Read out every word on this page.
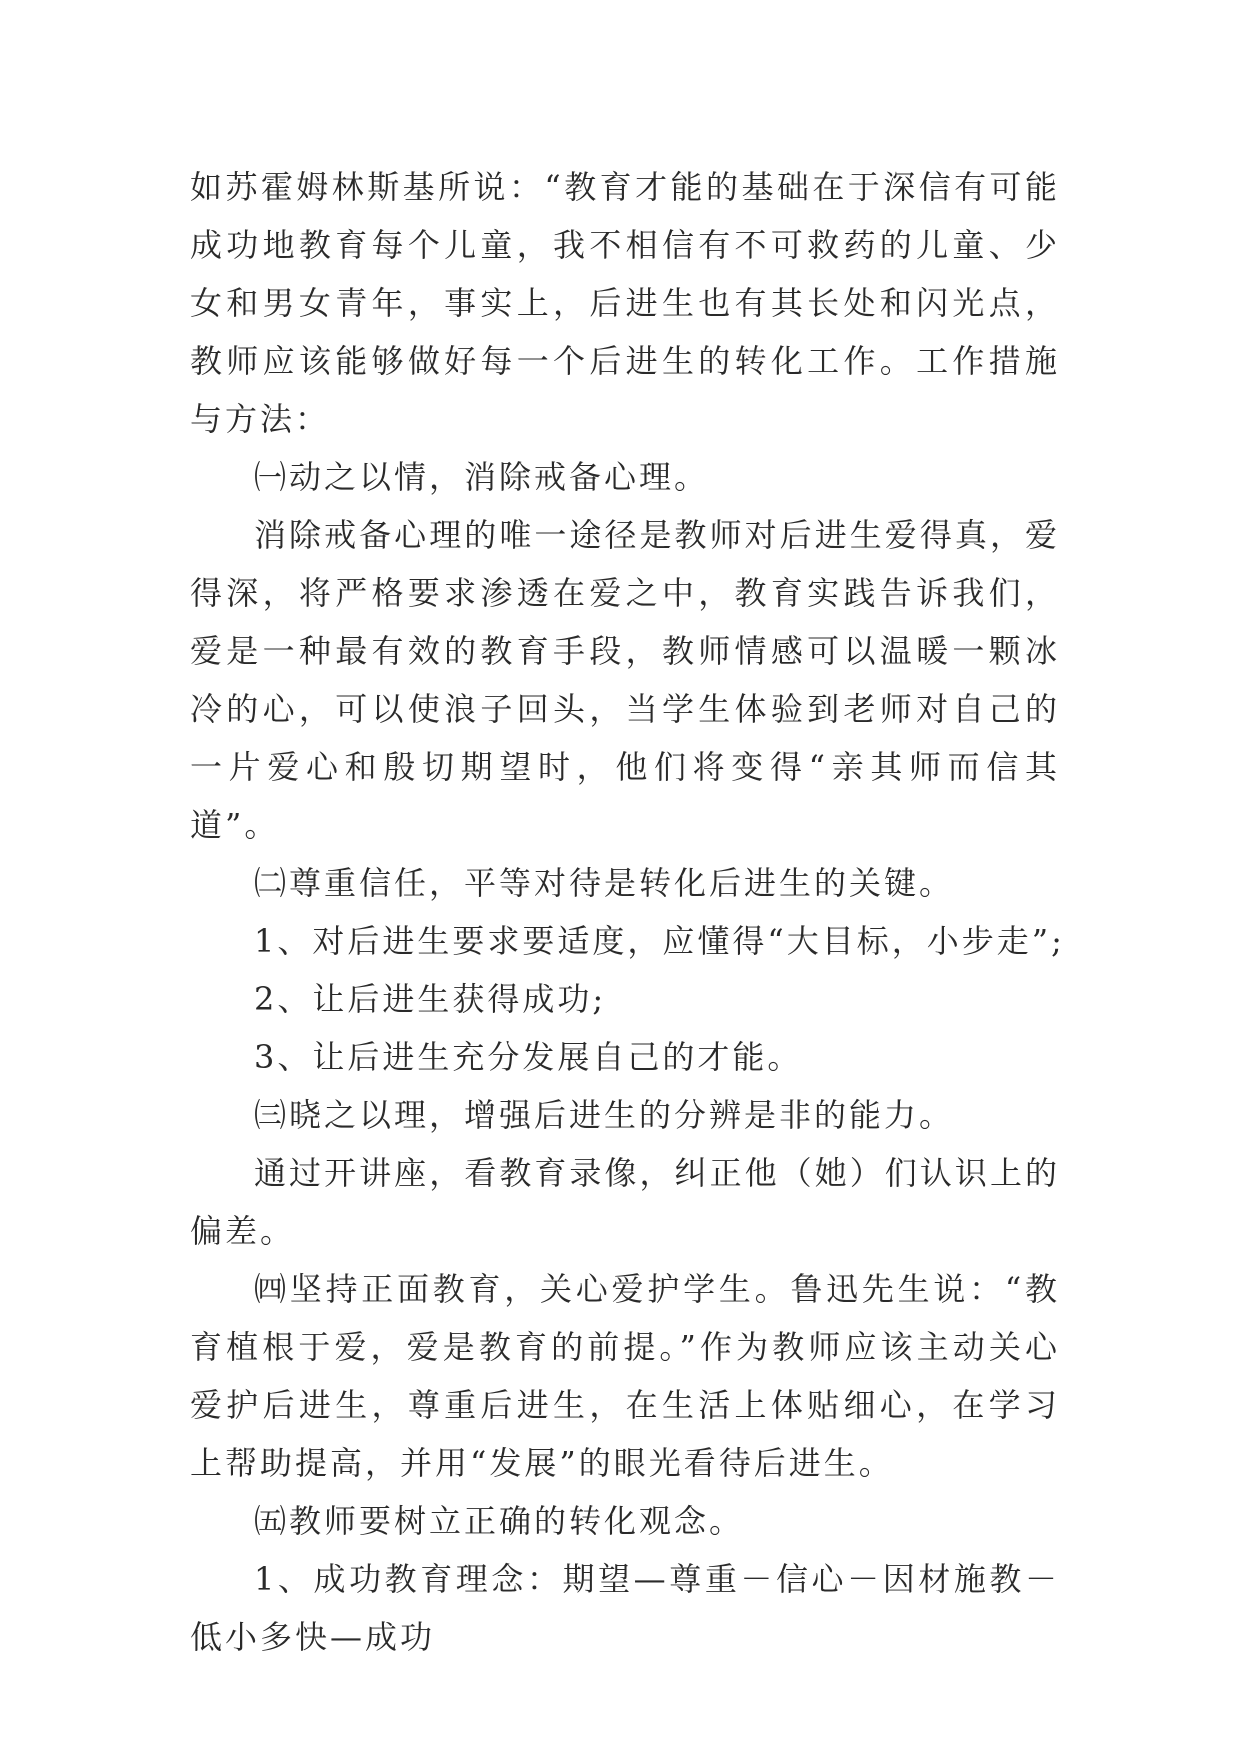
如苏霍姆林斯基所说：“教育才能的基础在于深信有可能成功地教育每个儿童，我不相信有不可救药的儿童、少女和男女青年，事实上，后进生也有其长处和闪光点，教师应该能够做好每一个后进生的转化工作。工作措施与方法：

㈠动之以情，消除戒备心理。

消除戒备心理的唯一途径是教师对后进生爱得真，爱得深，将严格要求渗透在爱之中，教育实践告诉我们，爱是一种最有效的教育手段，教师情感可以温暖一颗冰冷的心，可以使浪子回头，当学生体验到老师对自己的一片爱心和殷切期望时，他们将变得“亲其师而信其道”。

㈡尊重信任，平等对待是转化后进生的关键。

1、对后进生要求要适度，应懂得“大目标，小步走”;

2、让后进生获得成功;

3、让后进生充分发展自己的才能。

㈢晓之以理，增强后进生的分辨是非的能力。

通过开讲座，看教育录像，纠正他（她）们认识上的偏差。

㈣坚持正面教育，关心爱护学生。鲁迅先生说：“教育植根于爱，爱是教育的前提。”作为教师应该主动关心爱护后进生，尊重后进生，在生活上体贴细心，在学习上帮助提高，并用“发展”的眼光看待后进生。

㈤教师要树立正确的转化观念。

1、成功教育理念：期望—尊重－信心－因材施教－低小多快—成功
